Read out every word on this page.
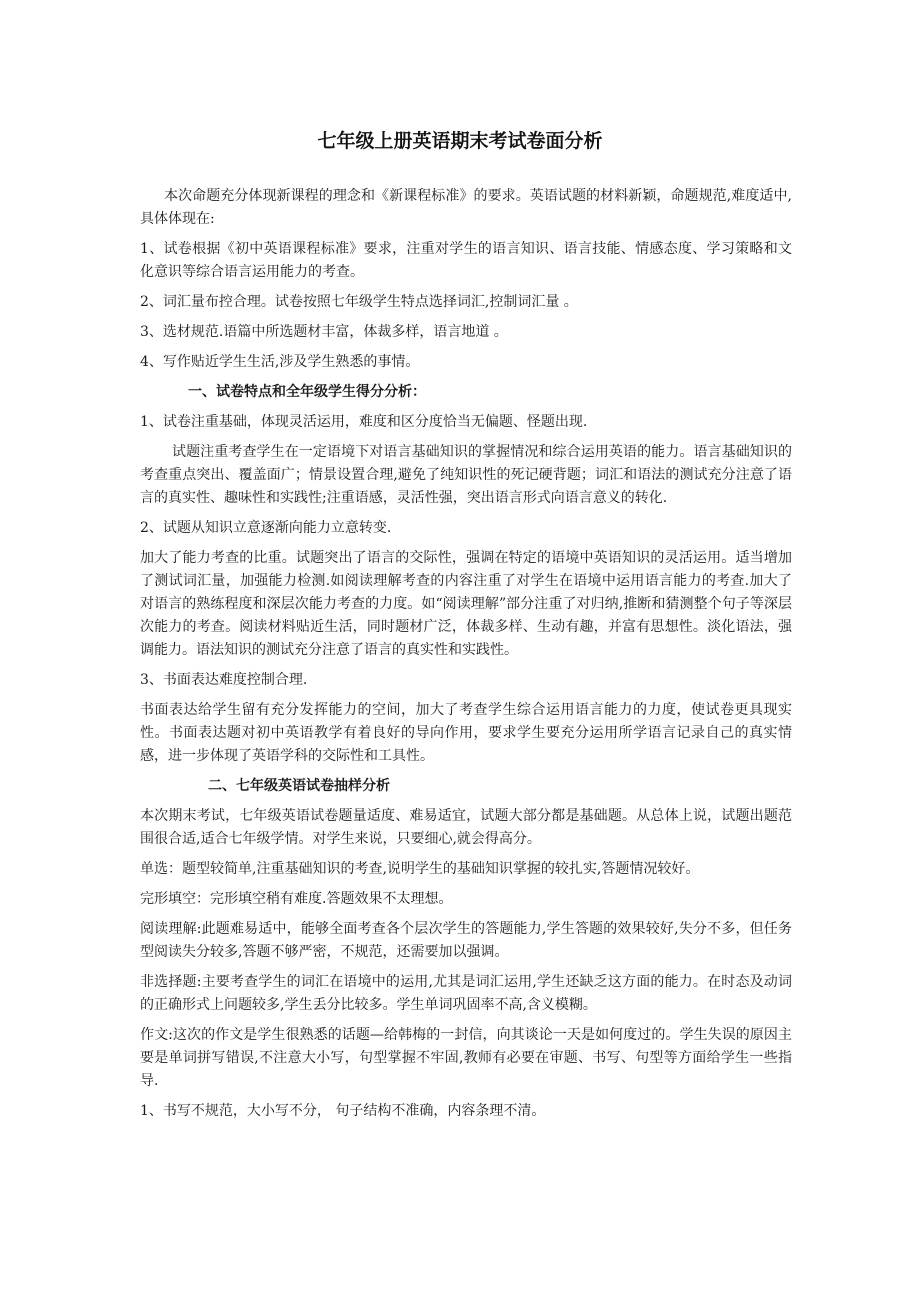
七年级上册英语期末考试卷面分析

本次命题充分体现新课程的理念和《新课程标准》的要求。英语试题的材料新颖，命题规范,难度适中,具体体现在:

1、试卷根据《初中英语课程标准》要求，注重对学生的语言知识、语言技能、情感态度、学习策略和文化意识等综合语言运用能力的考查。

2、词汇量布控合理。试卷按照七年级学生特点选择词汇,控制词汇量 。

3、选材规范.语篇中所选题材丰富，体裁多样，语言地道 。

4、写作贴近学生生活,涉及学生熟悉的事情。

一、试卷特点和全年级学生得分分析：

1、试卷注重基础，体现灵活运用，难度和区分度恰当无偏题、怪题出现.

试题注重考查学生在一定语境下对语言基础知识的掌握情况和综合运用英语的能力。语言基础知识的考查重点突出、覆盖面广；情景设置合理,避免了纯知识性的死记硬背题；词汇和语法的测试充分注意了语言的真实性、趣味性和实践性;注重语感，灵活性强，突出语言形式向语言意义的转化.

2、试题从知识立意逐渐向能力立意转变.

加大了能力考查的比重。试题突出了语言的交际性，强调在特定的语境中英语知识的灵活运用。适当增加了测试词汇量，加强能力检测.如阅读理解考查的内容注重了对学生在语境中运用语言能力的考查.加大了对语言的熟练程度和深层次能力考查的力度。如“阅读理解”部分注重了对归纳,推断和猜测整个句子等深层次能力的考查。阅读材料贴近生活，同时题材广泛，体裁多样、生动有趣，并富有思想性。淡化语法，强调能力。语法知识的测试充分注意了语言的真实性和实践性。

3、书面表达难度控制合理.

书面表达给学生留有充分发挥能力的空间，加大了考查学生综合运用语言能力的力度，使试卷更具现实性。书面表达题对初中英语教学有着良好的导向作用，要求学生要充分运用所学语言记录自己的真实情感，进一步体现了英语学科的交际性和工具性。

二、七年级英语试卷抽样分析

本次期末考试，七年级英语试卷题量适度、难易适宜，试题大部分都是基础题。从总体上说，试题出题范围很合适,适合七年级学情。对学生来说，只要细心,就会得高分。

单选：题型较简单,注重基础知识的考查,说明学生的基础知识掌握的较扎实,答题情况较好。

完形填空：完形填空稍有难度.答题效果不太理想。

阅读理解:此题难易适中，能够全面考查各个层次学生的答题能力,学生答题的效果较好,失分不多，但任务型阅读失分较多,答题不够严密，不规范，还需要加以强调。

非选择题:主要考查学生的词汇在语境中的运用,尤其是词汇运用,学生还缺乏这方面的能力。在时态及动词的正确形式上问题较多,学生丢分比较多。学生单词巩固率不高,含义模糊。

作文:这次的作文是学生很熟悉的话题—给韩梅的一封信，向其谈论一天是如何度过的。学生失误的原因主要是单词拼写错误,不注意大小写，句型掌握不牢固,教师有必要在审题、书写、句型等方面给学生一些指导.

1、书写不规范，大小写不分， 句子结构不准确，内容条理不清。
